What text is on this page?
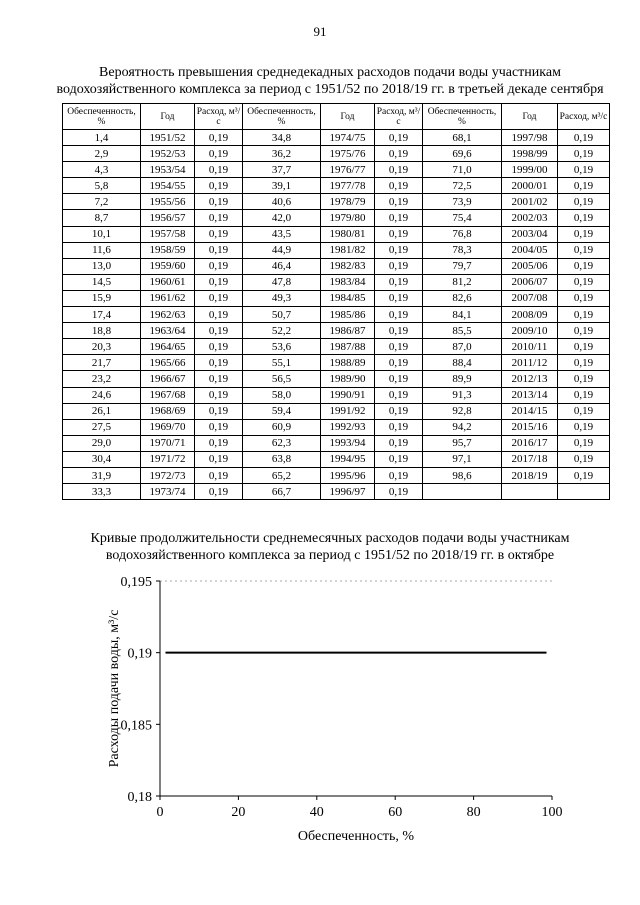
91
Вероятность превышения среднедекадных расходов подачи воды участникам
водохозяйственного комплекса за период с 1951/52 по 2018/19 гг. в третьей декаде сентября
Обеспеченность, %	Год	Расход, м³/с	Обеспеченность, %	Год	Расход, м³/с	Обеспеченность, %	Год	Расход, м³/с
1,4	1951/52	0,19	34,8	1974/75	0,19	68,1	1997/98	0,19
2,9	1952/53	0,19	36,2	1975/76	0,19	69,6	1998/99	0,19
4,3	1953/54	0,19	37,7	1976/77	0,19	71,0	1999/00	0,19
5,8	1954/55	0,19	39,1	1977/78	0,19	72,5	2000/01	0,19
7,2	1955/56	0,19	40,6	1978/79	0,19	73,9	2001/02	0,19
8,7	1956/57	0,19	42,0	1979/80	0,19	75,4	2002/03	0,19
10,1	1957/58	0,19	43,5	1980/81	0,19	76,8	2003/04	0,19
11,6	1958/59	0,19	44,9	1981/82	0,19	78,3	2004/05	0,19
13,0	1959/60	0,19	46,4	1982/83	0,19	79,7	2005/06	0,19
14,5	1960/61	0,19	47,8	1983/84	0,19	81,2	2006/07	0,19
15,9	1961/62	0,19	49,3	1984/85	0,19	82,6	2007/08	0,19
17,4	1962/63	0,19	50,7	1985/86	0,19	84,1	2008/09	0,19
18,8	1963/64	0,19	52,2	1986/87	0,19	85,5	2009/10	0,19
20,3	1964/65	0,19	53,6	1987/88	0,19	87,0	2010/11	0,19
21,7	1965/66	0,19	55,1	1988/89	0,19	88,4	2011/12	0,19
23,2	1966/67	0,19	56,5	1989/90	0,19	89,9	2012/13	0,19
24,6	1967/68	0,19	58,0	1990/91	0,19	91,3	2013/14	0,19
26,1	1968/69	0,19	59,4	1991/92	0,19	92,8	2014/15	0,19
27,5	1969/70	0,19	60,9	1992/93	0,19	94,2	2015/16	0,19
29,0	1970/71	0,19	62,3	1993/94	0,19	95,7	2016/17	0,19
30,4	1971/72	0,19	63,8	1994/95	0,19	97,1	2017/18	0,19
31,9	1972/73	0,19	65,2	1995/96	0,19	98,6	2018/19	0,19
33,3	1973/74	0,19	66,7	1996/97	0,19			
Кривые продолжительности среднемесячных расходов подачи воды участникам
водохозяйственного комплекса за период с 1951/52 по 2018/19 гг. в октябре
0,18
0,185
0,19
0,195
0	20	40	60	80	100
Обеспеченность, %
Расходы подачи воды, м³/с
